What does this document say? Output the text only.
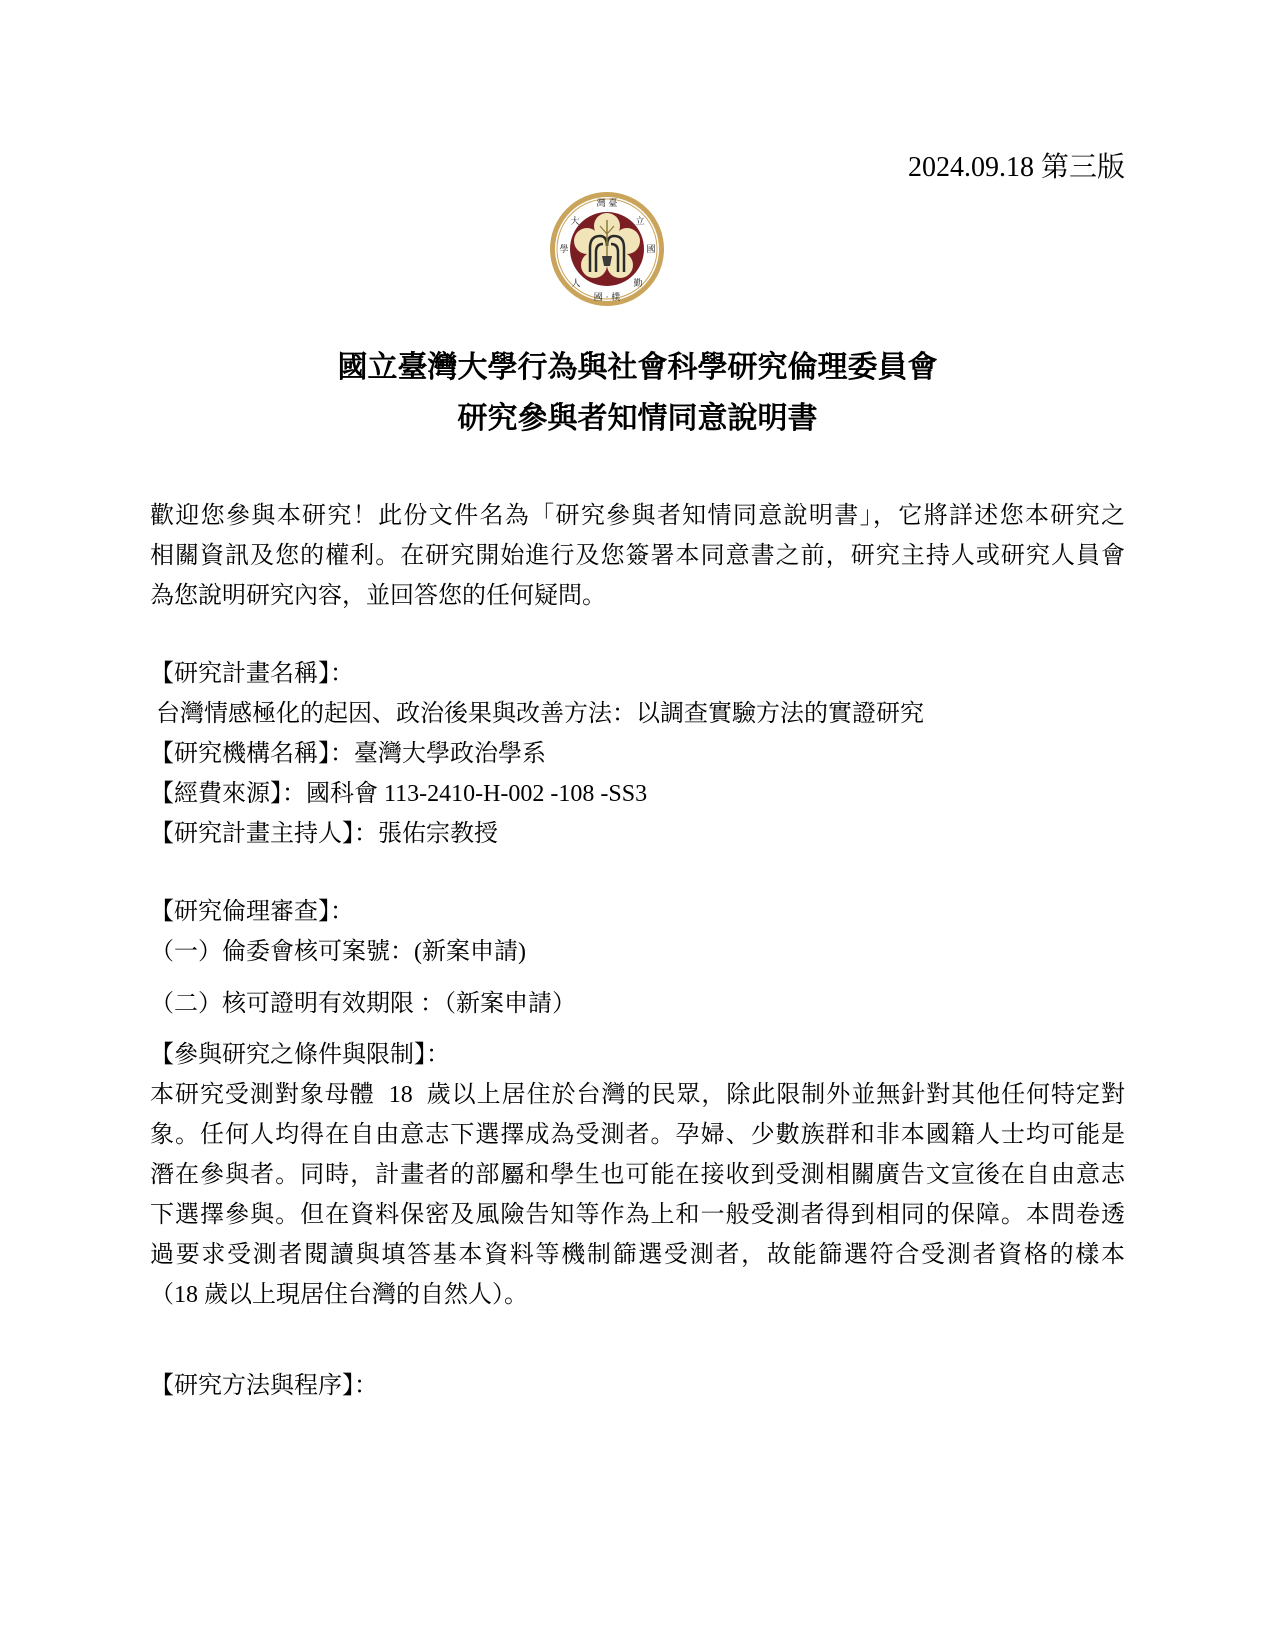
2024.09.18 第三版
灣 臺
大	立
學	國
人	勤
國 · 樸
國立臺灣大學行為與社會科學研究倫理委員會
研究參與者知情同意說明書
歡迎您參與本研究！此份文件名為「研究參與者知情同意說明書」，它將詳述您本研究之
相關資訊及您的權利。在研究開始進行及您簽署本同意書之前，研究主持人或研究人員會
為您說明研究內容，並回答您的任何疑問。
【研究計畫名稱】：
台灣情感極化的起因、政治後果與改善方法：以調查實驗方法的實證研究
【研究機構名稱】：臺灣大學政治學系
【經費來源】：國科會 113-2410-H-002 -108 -SS3
【研究計畫主持人】：張佑宗教授
【研究倫理審查】：
（一）倫委會核可案號：(新案申請)
（二）核可證明有效期限 ：（新案申請）
【參與研究之條件與限制】：
本研究受測對象母體  18  歲以上居住於台灣的民眾，除此限制外並無針對其他任何特定對
象。任何人均得在自由意志下選擇成為受測者。孕婦、少數族群和非本國籍人士均可能是
潛在參與者。同時，計畫者的部屬和學生也可能在接收到受測相關廣告文宣後在自由意志
下選擇參與。但在資料保密及風險告知等作為上和一般受測者得到相同的保障。本問卷透
過要求受測者閱讀與填答基本資料等機制篩選受測者，故能篩選符合受測者資格的樣本
（18 歲以上現居住台灣的自然人）。
【研究方法與程序】：
